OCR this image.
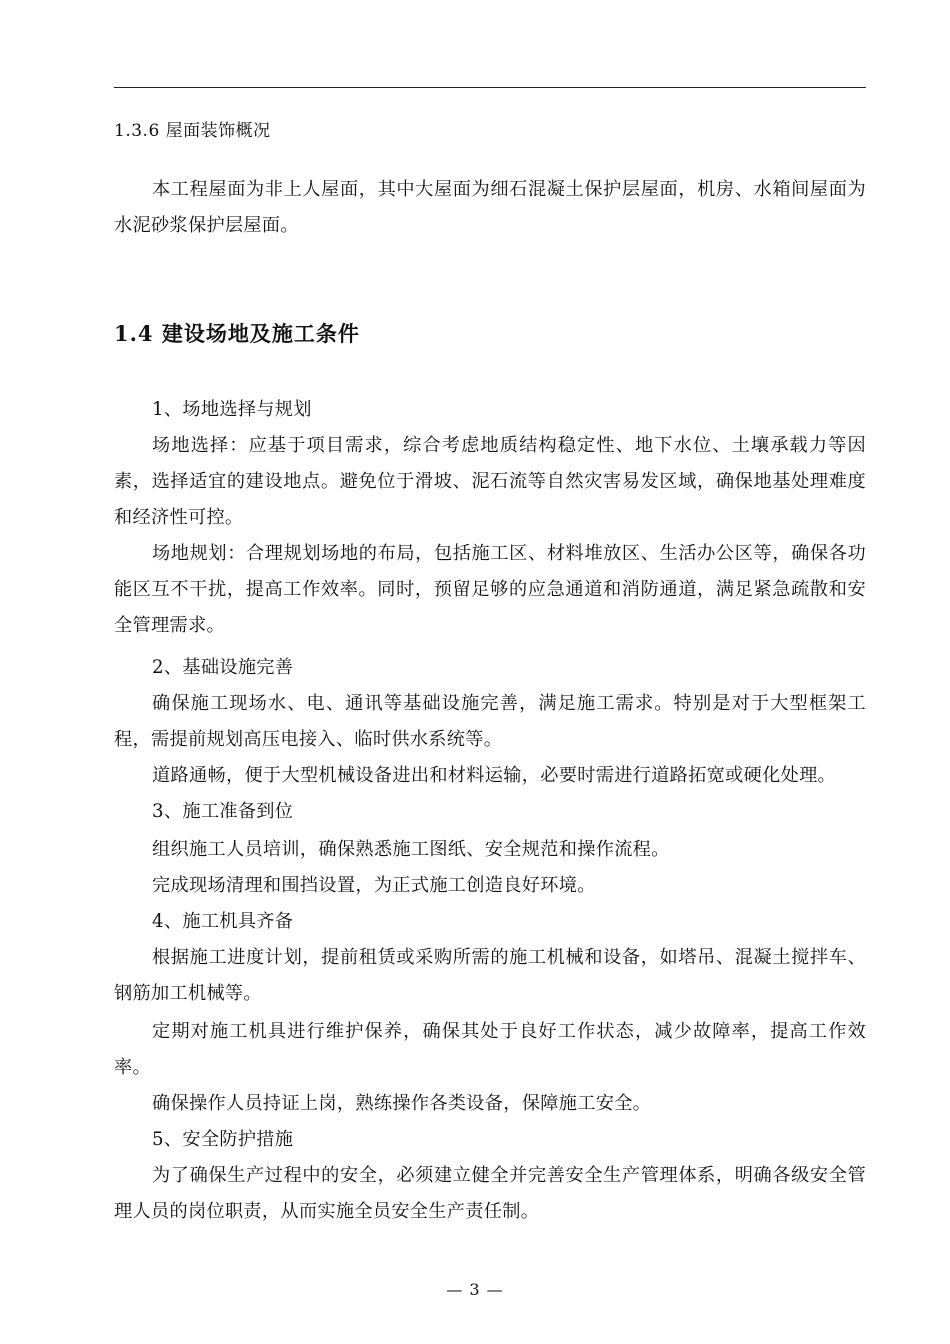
1.3.6 屋面装饰概况

本工程屋面为非上人屋面，其中大屋面为细石混凝土保护层屋面，机房、水箱间屋面为水泥砂浆保护层屋面。

1.4 建设场地及施工条件

1、场地选择与规划

场地选择：应基于项目需求，综合考虑地质结构稳定性、地下水位、土壤承载力等因素，选择适宜的建设地点。避免位于滑坡、泥石流等自然灾害易发区域，确保地基处理难度和经济性可控。

场地规划：合理规划场地的布局，包括施工区、材料堆放区、生活办公区等，确保各功能区互不干扰，提高工作效率。同时，预留足够的应急通道和消防通道，满足紧急疏散和安全管理需求。

2、基础设施完善

确保施工现场水、电、通讯等基础设施完善，满足施工需求。特别是对于大型框架工程，需提前规划高压电接入、临时供水系统等。

道路通畅，便于大型机械设备进出和材料运输，必要时需进行道路拓宽或硬化处理。

3、施工准备到位

组织施工人员培训，确保熟悉施工图纸、安全规范和操作流程。

完成现场清理和围挡设置，为正式施工创造良好环境。

4、施工机具齐备

根据施工进度计划，提前租赁或采购所需的施工机械和设备，如塔吊、混凝土搅拌车、钢筋加工机械等。

定期对施工机具进行维护保养，确保其处于良好工作状态，减少故障率，提高工作效率。

确保操作人员持证上岗，熟练操作各类设备，保障施工安全。

5、安全防护措施

为了确保生产过程中的安全，必须建立健全并完善安全生产管理体系，明确各级安全管理人员的岗位职责，从而实施全员安全生产责任制。

— 3 —
